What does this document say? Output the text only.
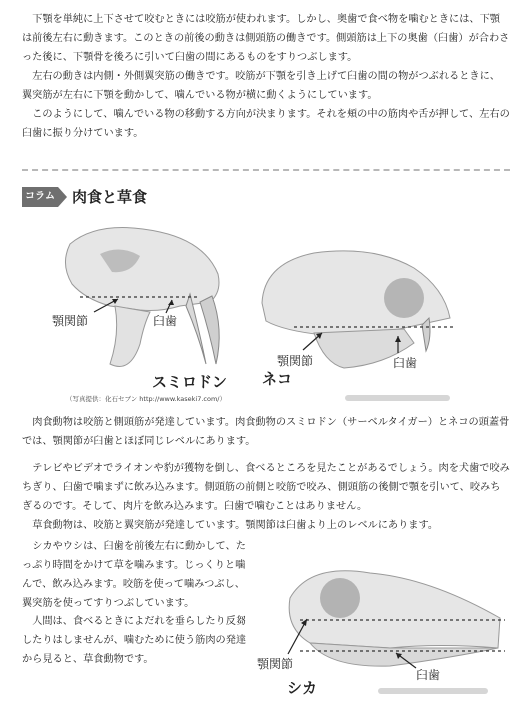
下顎を単純に上下させて咬むときには咬筋が使われます。しかし、奥歯で食べ物を噛むときには、下顎は前後左右に動きます。このときの前後の動きは側頭筋の働きです。側頭筋は上下の奥歯（臼歯）が合わさった後に、下顎骨を後ろに引いて臼歯の間にあるものをすりつぶします。

左右の動きは内側・外側翼突筋の働きです。咬筋が下顎を引き上げて臼歯の間の物がつぶれるときに、翼突筋が左右に下顎を動かして、噛んでいる物が横に動くようにしています。

このようにして、噛んでいる物の移動する方向が決まります。それを頬の中の筋肉や舌が押して、左右の臼歯に振り分けています。

コラム 肉食と草食
顎関節	臼歯
スミロドン
（写真提供：化石セブン http://www.kaseki7.com/）
顎関節	臼歯
ネコ

肉食動物は咬筋と側頭筋が発達しています。肉食動物のスミロドン（サーベルタイガー）とネコの頭蓋骨では、顎関節が臼歯とほぼ同じレベルにあります。

テレビやビデオでライオンや豹が獲物を倒し、食べるところを見たことがあるでしょう。肉を犬歯で咬みちぎり、臼歯で噛まずに飲み込みます。側頭筋の前側と咬筋で咬み、側頭筋の後側で顎を引いて、咬みちぎるのです。そして、肉片を飲み込みます。臼歯で噛むことはありません。

草食動物は、咬筋と翼突筋が発達しています。顎関節は臼歯より上のレベルにあります。

シカやウシは、臼歯を前後左右に動かして、たっぷり時間をかけて草を噛みます。じっくりと噛んで、飲み込みます。咬筋を使って噛みつぶし、翼突筋を使ってすりつぶしています。

人間は、食べるときによだれを垂らしたり反芻したりはしませんが、噛むために使う筋肉の発達から見ると、草食動物です。	顎関節
臼歯
シカ
